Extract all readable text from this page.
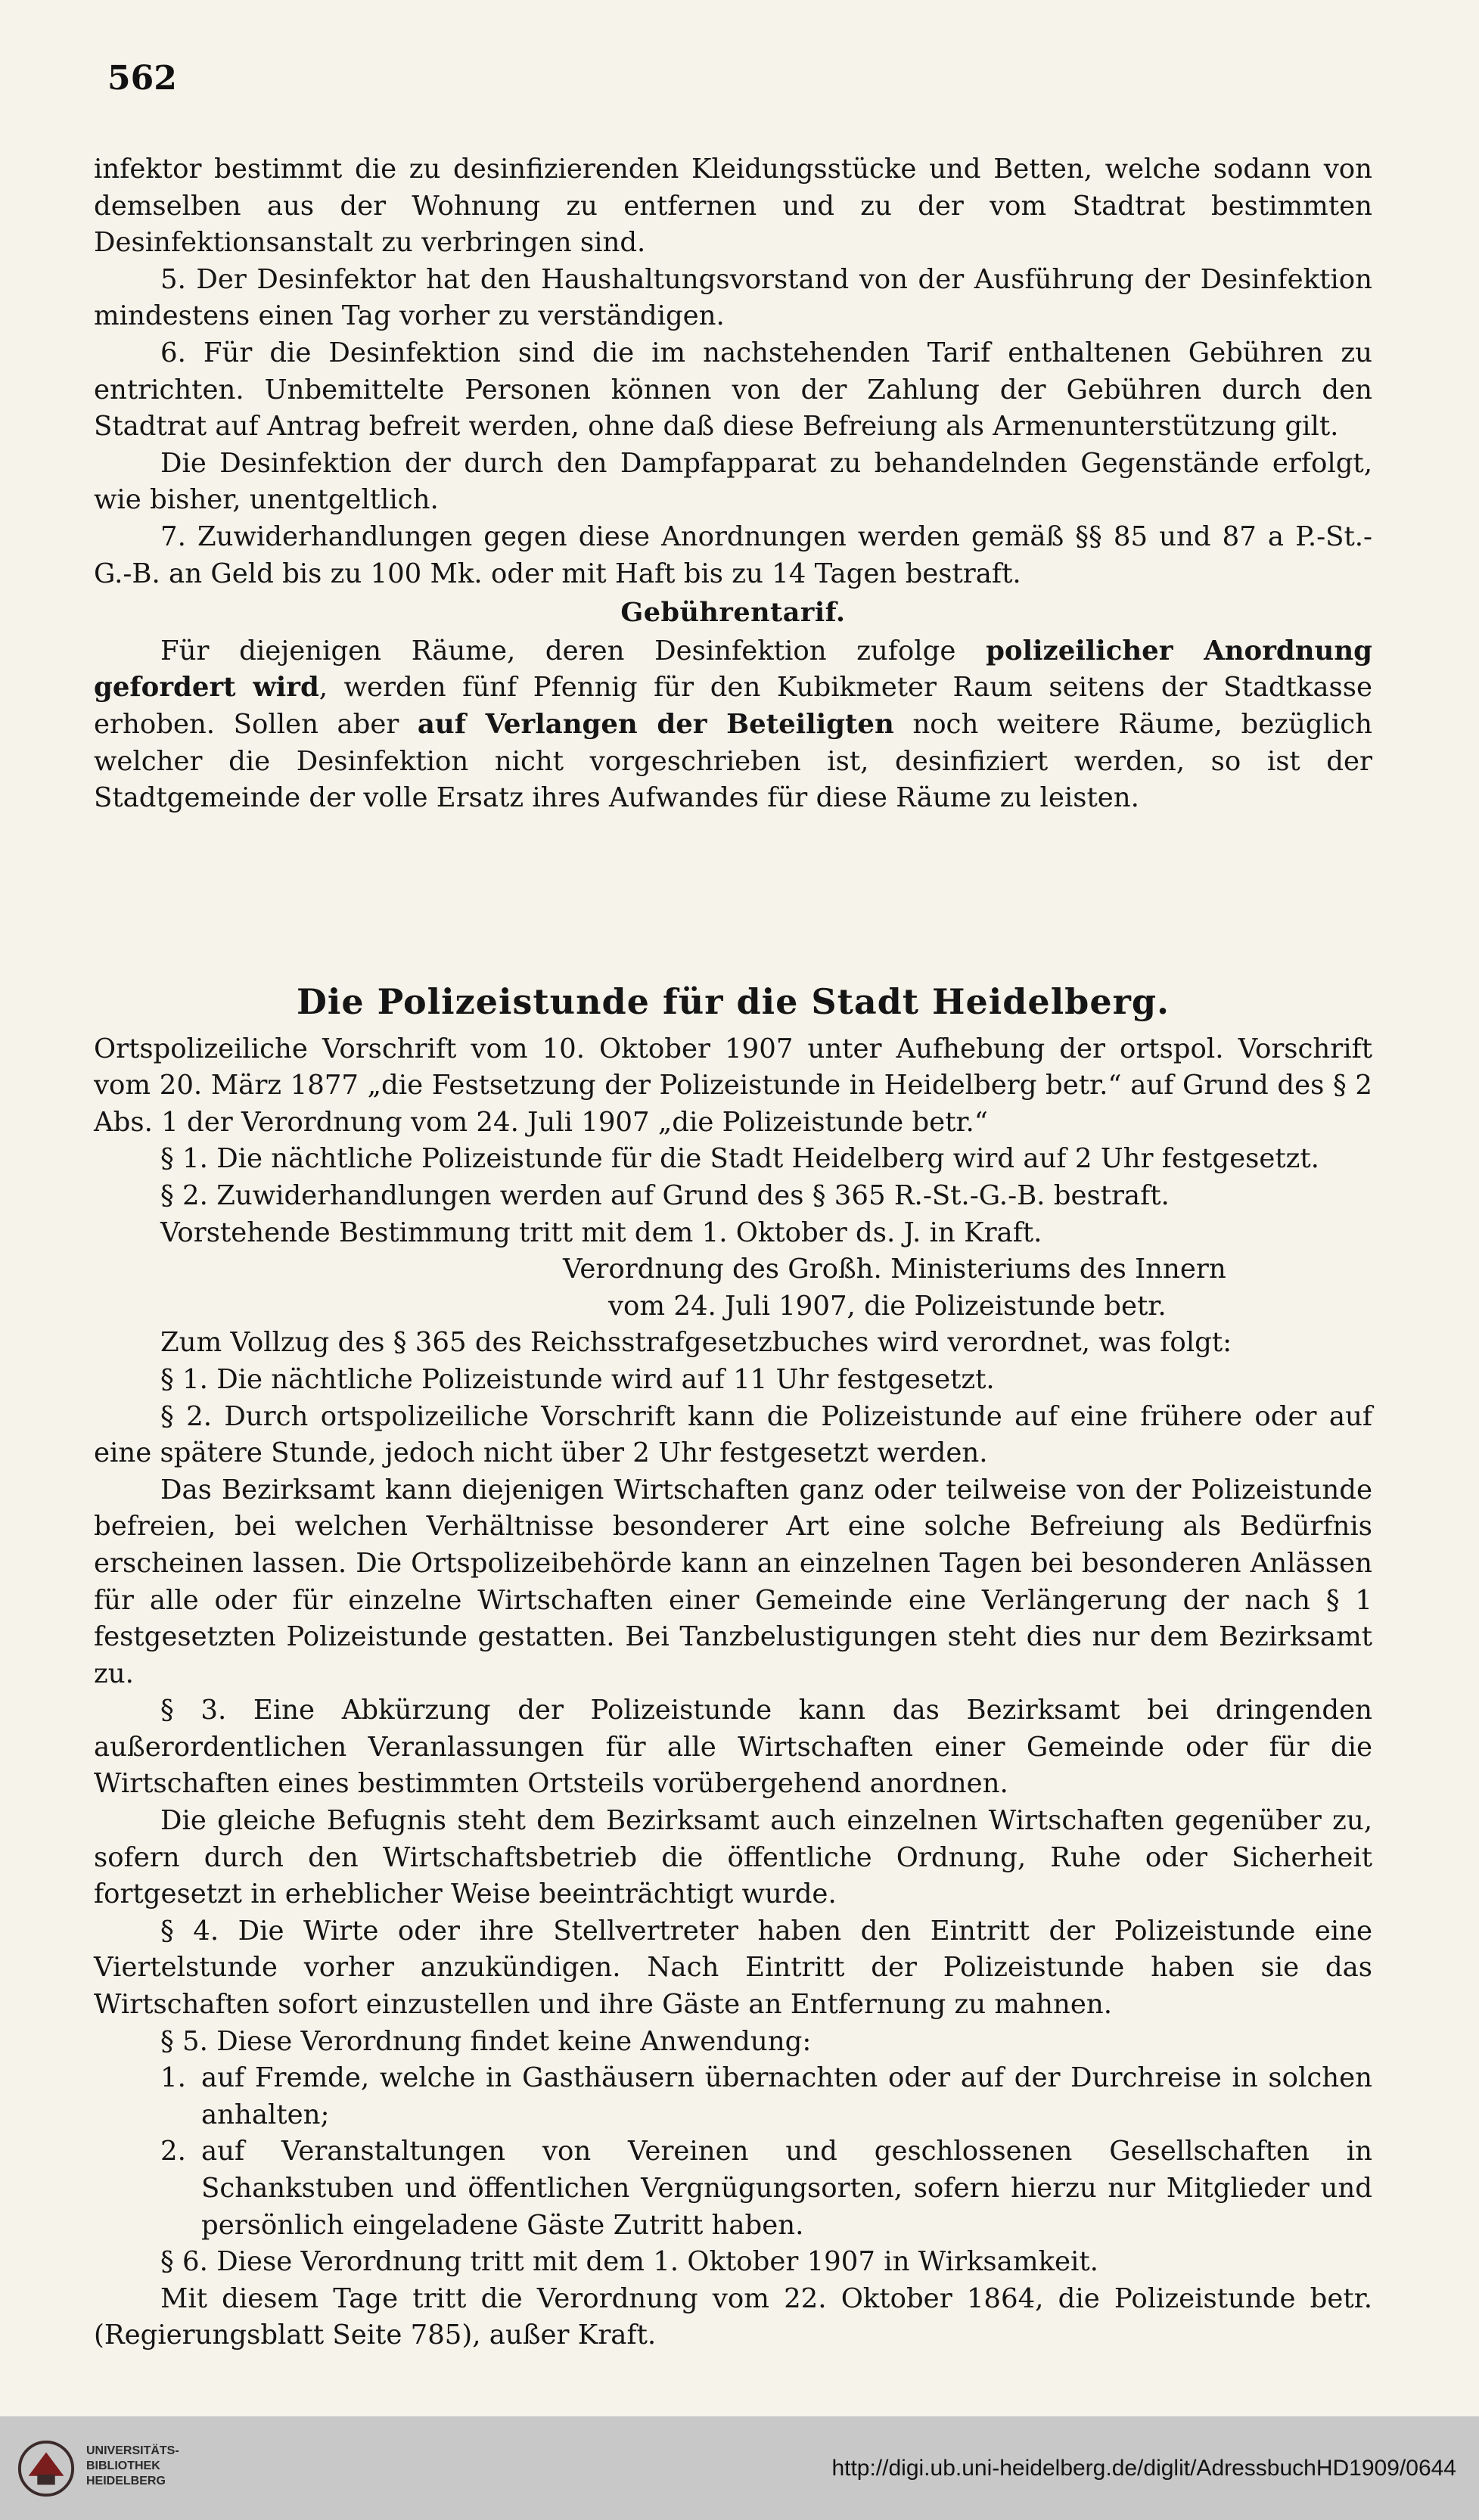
562

infektor bestimmt die zu desinfizierenden Kleidungsstücke und Betten, welche sodann von demselben aus der Wohnung zu entfernen und zu der vom Stadtrat bestimmten Desinfektionsanstalt zu verbringen sind.

5. Der Desinfektor hat den Haushaltungsvorstand von der Ausführung der Desinfektion mindestens einen Tag vorher zu verständigen.

6. Für die Desinfektion sind die im nachstehenden Tarif enthaltenen Gebühren zu entrichten. Unbemittelte Personen können von der Zahlung der Gebühren durch den Stadtrat auf Antrag befreit werden, ohne daß diese Befreiung als Armenunterstützung gilt.

Die Desinfektion der durch den Dampfapparat zu behandelnden Gegenstände erfolgt, wie bisher, unentgeltlich.

7. Zuwiderhandlungen gegen diese Anordnungen werden gemäß §§ 85 und 87 a P.-St.-G.-B. an Geld bis zu 100 Mk. oder mit Haft bis zu 14 Tagen bestraft.

Gebührentarif.

Für diejenigen Räume, deren Desinfektion zufolge polizeilicher Anordnung gefordert wird, werden fünf Pfennig für den Kubikmeter Raum seitens der Stadtkasse erhoben. Sollen aber auf Verlangen der Beteiligten noch weitere Räume, bezüglich welcher die Desinfektion nicht vorgeschrieben ist, desinfiziert werden, so ist der Stadtgemeinde der volle Ersatz ihres Aufwandes für diese Räume zu leisten.

Die Polizeistunde für die Stadt Heidelberg.

Ortspolizeiliche Vorschrift vom 10. Oktober 1907 unter Aufhebung der ortspol. Vorschrift vom 20. März 1877 „die Festsetzung der Polizeistunde in Heidelberg betr.“ auf Grund des § 2 Abs. 1 der Verordnung vom 24. Juli 1907 „die Polizeistunde betr.“

§ 1. Die nächtliche Polizeistunde für die Stadt Heidelberg wird auf 2 Uhr festgesetzt.

§ 2. Zuwiderhandlungen werden auf Grund des § 365 R.-St.-G.-B. bestraft.

Vorstehende Bestimmung tritt mit dem 1. Oktober ds. J. in Kraft.

Verordnung des Großh. Ministeriums des Innern

vom 24. Juli 1907, die Polizeistunde betr.

Zum Vollzug des § 365 des Reichsstrafgesetzbuches wird verordnet, was folgt:

§ 1. Die nächtliche Polizeistunde wird auf 11 Uhr festgesetzt.

§ 2. Durch ortspolizeiliche Vorschrift kann die Polizeistunde auf eine frühere oder auf eine spätere Stunde, jedoch nicht über 2 Uhr festgesetzt werden.

Das Bezirksamt kann diejenigen Wirtschaften ganz oder teilweise von der Polizeistunde befreien, bei welchen Verhältnisse besonderer Art eine solche Befreiung als Bedürfnis erscheinen lassen. Die Ortspolizeibehörde kann an einzelnen Tagen bei besonderen Anlässen für alle oder für einzelne Wirtschaften einer Gemeinde eine Verlängerung der nach § 1 festgesetzten Polizeistunde gestatten. Bei Tanzbelustigungen steht dies nur dem Bezirksamt zu.

§ 3. Eine Abkürzung der Polizeistunde kann das Bezirksamt bei dringenden außerordentlichen Veranlassungen für alle Wirtschaften einer Gemeinde oder für die Wirtschaften eines bestimmten Ortsteils vorübergehend anordnen.

Die gleiche Befugnis steht dem Bezirksamt auch einzelnen Wirtschaften gegenüber zu, sofern durch den Wirtschaftsbetrieb die öffentliche Ordnung, Ruhe oder Sicherheit fortgesetzt in erheblicher Weise beeinträchtigt wurde.

§ 4. Die Wirte oder ihre Stellvertreter haben den Eintritt der Polizeistunde eine Viertelstunde vorher anzukündigen. Nach Eintritt der Polizeistunde haben sie das Wirtschaften sofort einzustellen und ihre Gäste an Entfernung zu mahnen.

§ 5. Diese Verordnung findet keine Anwendung:

1. auf Fremde, welche in Gasthäusern übernachten oder auf der Durchreise in solchen anhalten;
2. auf Veranstaltungen von Vereinen und geschlossenen Gesellschaften in Schankstuben und öffentlichen Vergnügungsorten, sofern hierzu nur Mitglieder und persönlich eingeladene Gäste Zutritt haben.

§ 6. Diese Verordnung tritt mit dem 1. Oktober 1907 in Wirksamkeit.

Mit diesem Tage tritt die Verordnung vom 22. Oktober 1864, die Polizeistunde betr. (Regierungsblatt Seite 785), außer Kraft.

UNIVERSITÄTS-
BIBLIOTHEK
HEIDELBERG
http://digi.ub.uni-heidelberg.de/diglit/AdressbuchHD1909/0644
